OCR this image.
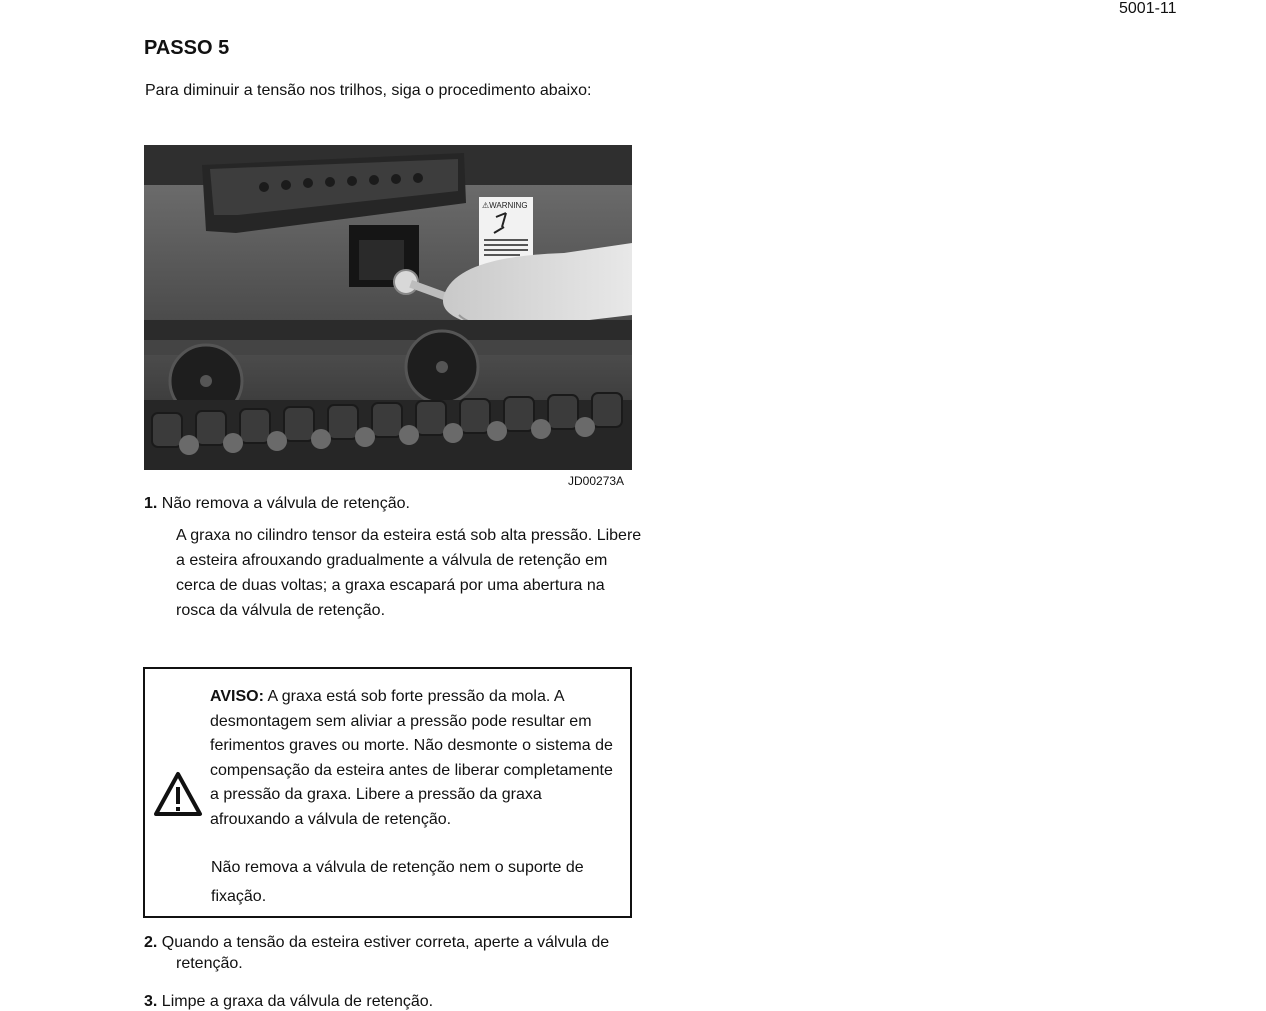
5001-11
PASSO 5
Para diminuir a tensão nos trilhos, siga o procedimento abaixo:
⚠WARNING
JD00273A
1. Não remova a válvula de retenção.
A graxa no cilindro tensor da esteira está sob alta pressão. Libere a esteira afrouxando gradualmente a válvula de retenção em cerca de duas voltas; a graxa escapará por uma abertura na rosca da válvula de retenção.
AVISO: A graxa está sob forte pressão da mola. A desmontagem sem aliviar a pressão pode resultar em ferimentos graves ou morte. Não desmonte o sistema de compensação da esteira antes de liberar completamente a pressão da graxa. Libere a pressão da graxa afrouxando a válvula de retenção.
Não remova a válvula de retenção nem o suporte de fixação.
2. Quando a tensão da esteira estiver correta, aperte a válvula de
retenção.
3. Limpe a graxa da válvula de retenção.
